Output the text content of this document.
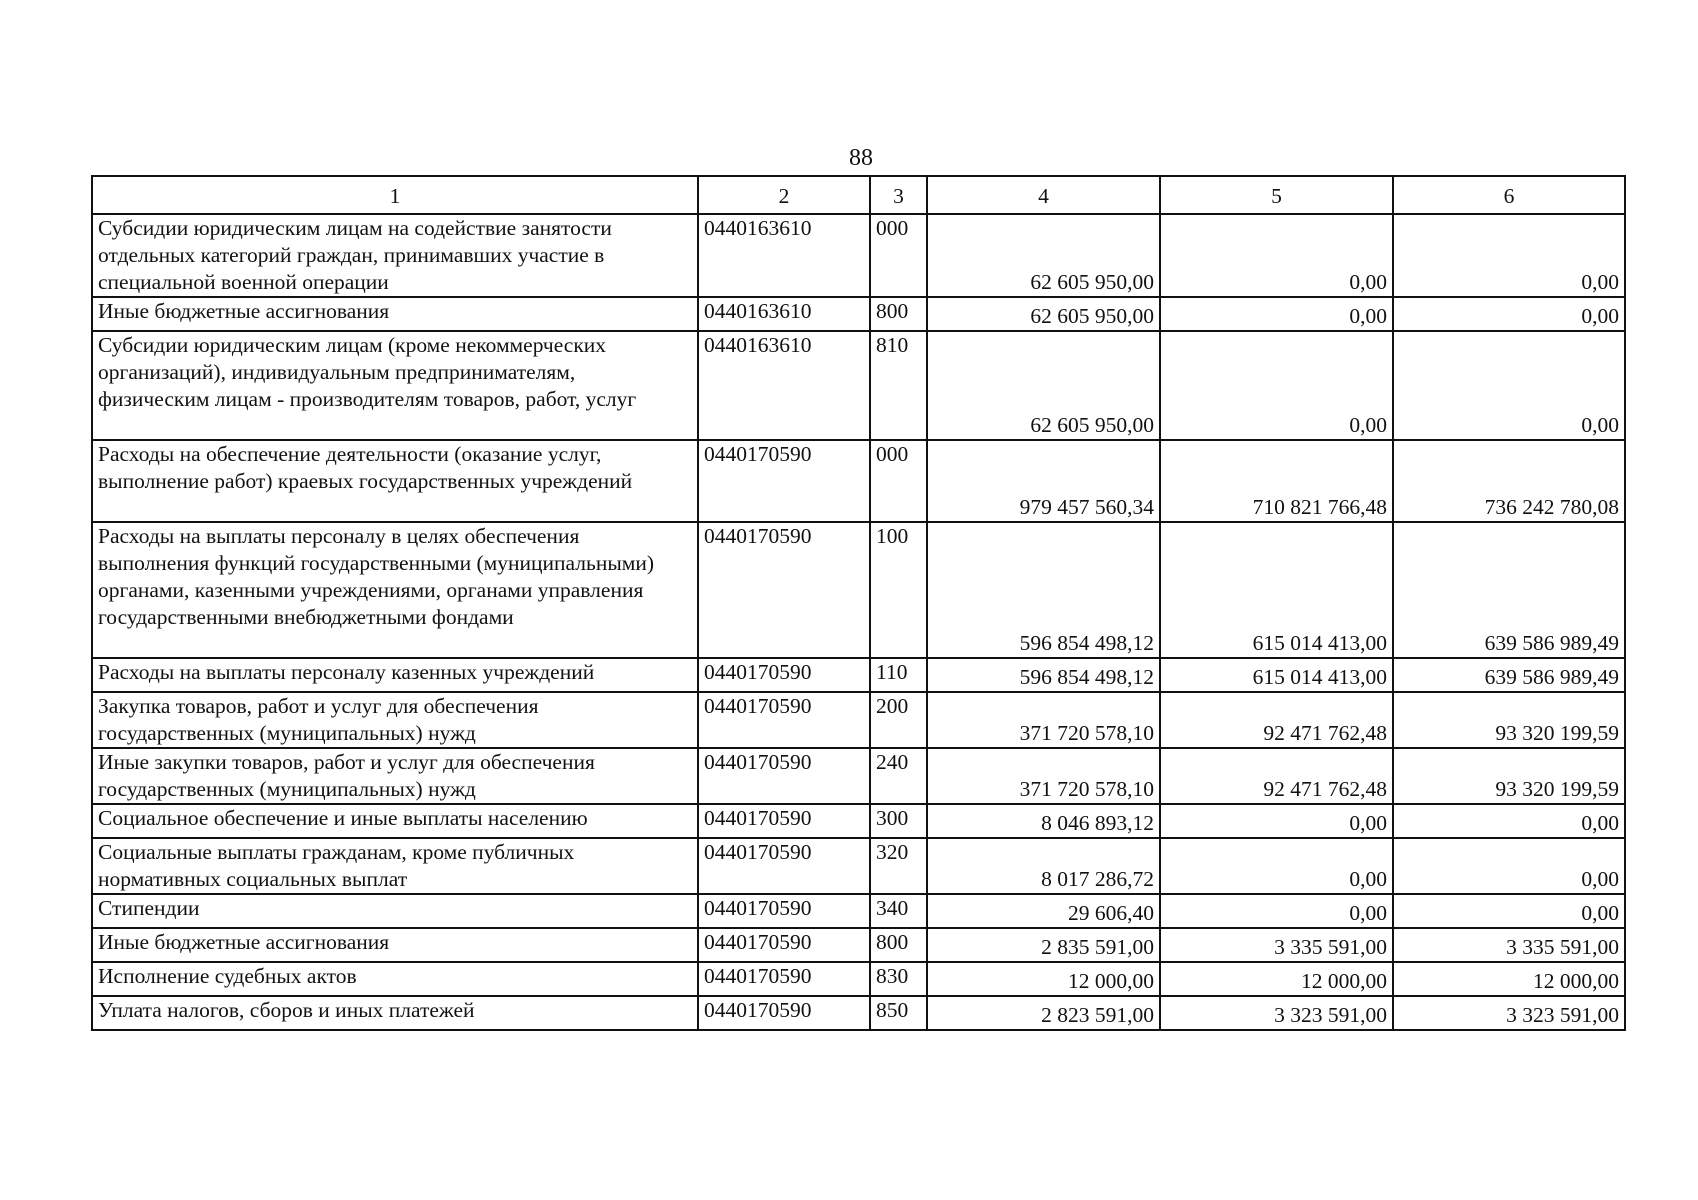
88
1	2	3	4	5	6
Субсидии юридическим лицам на содействие занятости отдельных категорий граждан, принимавших участие в специальной военной операции	0440163610	000	62 605 950,00	0,00	0,00
Иные бюджетные ассигнования	0440163610	800	62 605 950,00	0,00	0,00
Субсидии юридическим лицам (кроме некоммерческих организаций), индивидуальным предпринимателям, физическим лицам - производителям товаров, работ, услуг	0440163610	810	62 605 950,00	0,00	0,00
Расходы на обеспечение деятельности (оказание услуг, выполнение работ) краевых государственных учреждений	0440170590	000	979 457 560,34	710 821 766,48	736 242 780,08
Расходы на выплаты персоналу в целях обеспечения выполнения функций государственными (муниципальными) органами, казенными учреждениями, органами управления государственными внебюджетными фондами	0440170590	100	596 854 498,12	615 014 413,00	639 586 989,49
Расходы на выплаты персоналу казенных учреждений	0440170590	110	596 854 498,12	615 014 413,00	639 586 989,49
Закупка товаров, работ и услуг для обеспечения государственных (муниципальных) нужд	0440170590	200	371 720 578,10	92 471 762,48	93 320 199,59
Иные закупки товаров, работ и услуг для обеспечения государственных (муниципальных) нужд	0440170590	240	371 720 578,10	92 471 762,48	93 320 199,59
Социальное обеспечение и иные выплаты населению	0440170590	300	8 046 893,12	0,00	0,00
Социальные выплаты гражданам, кроме публичных нормативных социальных выплат	0440170590	320	8 017 286,72	0,00	0,00
Стипендии	0440170590	340	29 606,40	0,00	0,00
Иные бюджетные ассигнования	0440170590	800	2 835 591,00	3 335 591,00	3 335 591,00
Исполнение судебных актов	0440170590	830	12 000,00	12 000,00	12 000,00
Уплата налогов, сборов и иных платежей	0440170590	850	2 823 591,00	3 323 591,00	3 323 591,00
